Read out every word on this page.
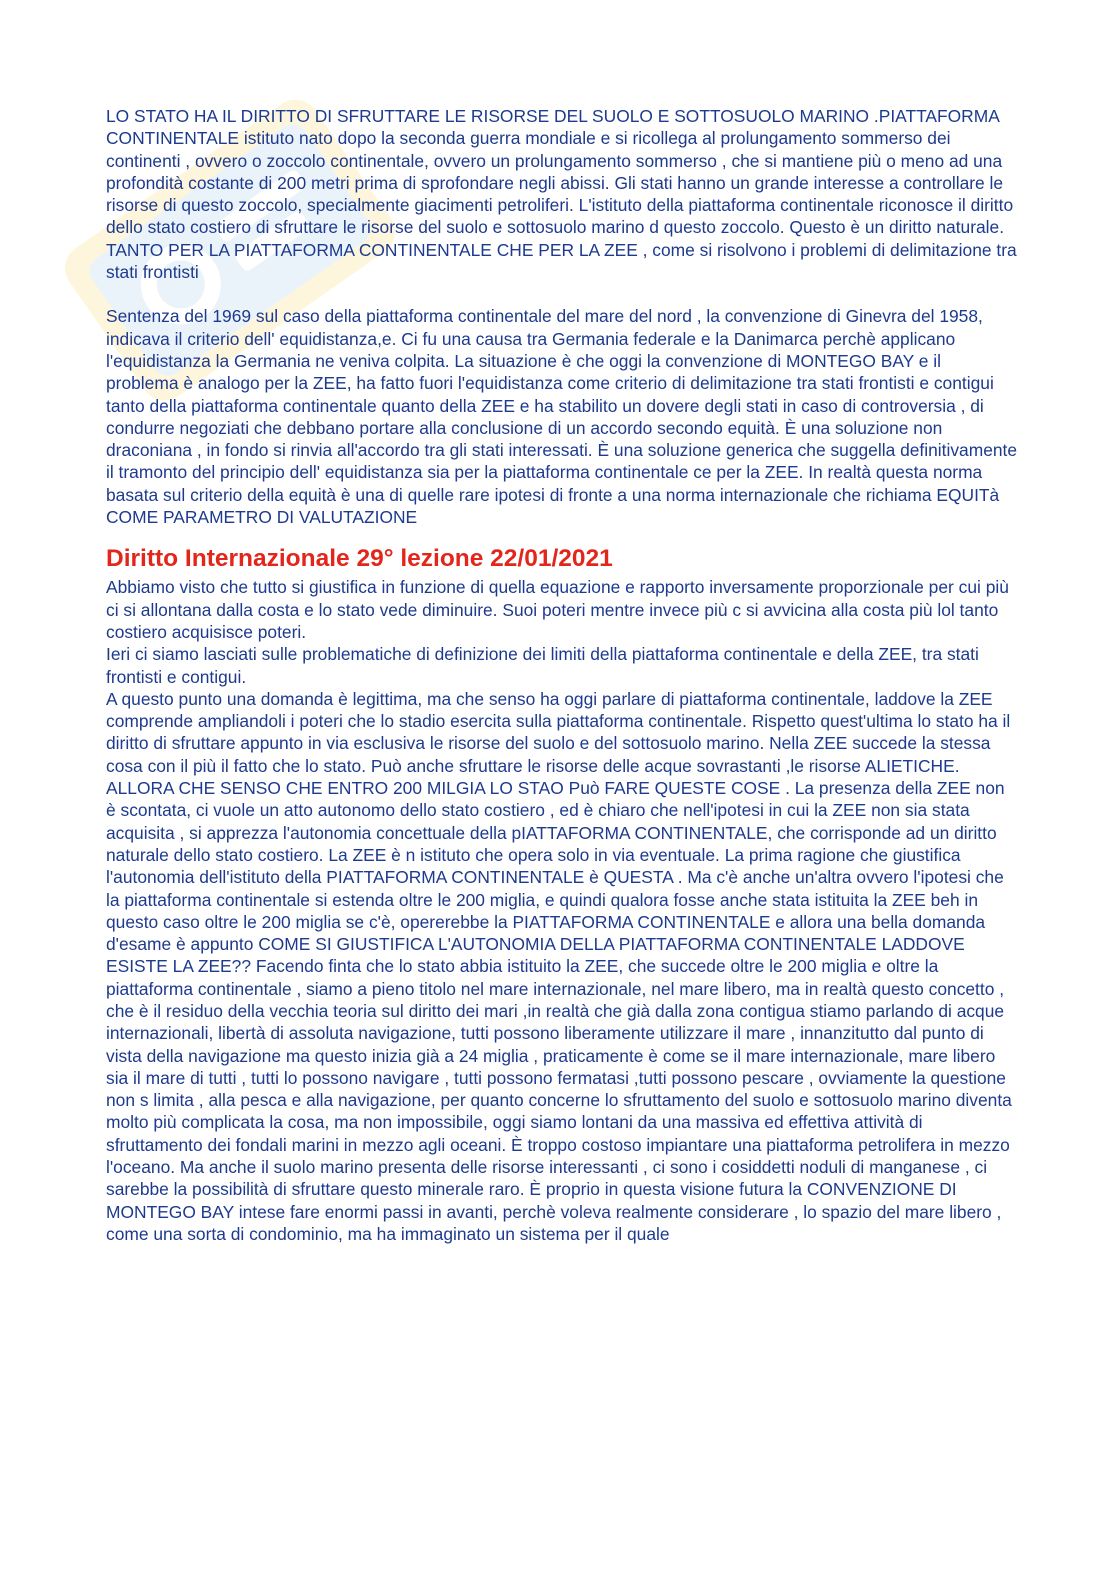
LO STATO HA IL DIRITTO DI SFRUTTARE LE RISORSE DEL SUOLO E SOTTOSUOLO MARINO .PIATTAFORMA CONTINENTALE istituto nato dopo la seconda guerra mondiale e si ricollega al prolungamento sommerso dei continenti , ovvero o zoccolo continentale, ovvero un prolungamento sommerso , che si mantiene più o meno ad una profondità costante di 200 metri prima di sprofondare negli abissi. Gli stati hanno un grande interesse a controllare le risorse di questo zoccolo, specialmente giacimenti petroliferi. L'istituto della piattaforma continentale riconosce il diritto dello stato costiero di sfruttare le risorse del suolo e sottosuolo marino d questo zoccolo. Questo è un diritto naturale.

TANTO PER LA PIATTAFORMA CONTINENTALE CHE PER LA ZEE , come si risolvono i problemi di delimitazione tra stati frontisti

Sentenza del 1969 sul caso della piattaforma continentale del mare del nord , la convenzione di Ginevra del 1958, indicava il criterio dell' equidistanza,e. Ci fu una causa tra Germania federale e la Danimarca perchè applicano l'equidistanza la Germania ne veniva colpita. La situazione è che oggi la convenzione di MONTEGO BAY e il problema è analogo per la ZEE, ha fatto fuori l'equidistanza come criterio di delimitazione tra stati frontisti e contigui tanto della piattaforma continentale quanto della ZEE e ha stabilito un dovere degli stati in caso di controversia , di condurre negoziati che debbano portare alla conclusione di un accordo secondo equità. È una soluzione non draconiana , in fondo si rinvia all'accordo tra gli stati interessati. È una soluzione generica che suggella definitivamente il tramonto del principio dell' equidistanza sia per la piattaforma continentale ce per la ZEE. In realtà questa norma basata sul criterio della equità è una di quelle rare ipotesi di fronte a una norma internazionale che richiama EQUITà COME PARAMETRO DI VALUTAZIONE

Diritto Internazionale 29° lezione 22/01/2021

Abbiamo visto che tutto si giustifica in funzione di quella equazione e rapporto inversamente proporzionale per cui più ci si allontana dalla costa e lo stato vede diminuire. Suoi poteri mentre invece più c si avvicina alla costa più lol tanto costiero acquisisce poteri.

Ieri ci siamo lasciati sulle problematiche di definizione dei limiti della piattaforma continentale e della ZEE, tra stati frontisti e contigui.

A questo punto una domanda è legittima, ma che senso ha oggi parlare di piattaforma continentale, laddove la ZEE comprende ampliandoli i poteri che lo stadio esercita sulla piattaforma continentale. Rispetto quest'ultima lo stato ha il diritto di sfruttare appunto in via esclusiva le risorse del suolo e del sottosuolo marino. Nella ZEE succede la stessa cosa con il più il fatto che lo stato. Può anche sfruttare le risorse delle acque sovrastanti ,le risorse ALIETICHE. ALLORA CHE SENSO CHE ENTRO 200 MILGIA LO STAO Può FARE QUESTE COSE . La presenza della ZEE non è scontata, ci vuole un atto autonomo dello stato costiero , ed è chiaro che nell'ipotesi in cui la ZEE non sia stata acquisita , si apprezza l'autonomia concettuale della pIATTAFORMA CONTINENTALE, che corrisponde ad un diritto naturale dello stato costiero. La ZEE è n istituto che opera solo in via eventuale. La prima ragione che giustifica l'autonomia dell'istituto della PIATTAFORMA CONTINENTALE è QUESTA . Ma c'è anche un'altra ovvero l'ipotesi che la piattaforma continentale si estenda oltre le 200 miglia, e quindi qualora fosse anche stata istituita la ZEE beh in questo caso oltre le 200 miglia se c'è, opererebbe la PIATTAFORMA CONTINENTALE e allora una bella domanda d'esame è appunto COME SI GIUSTIFICA L'AUTONOMIA DELLA PIATTAFORMA CONTINENTALE LADDOVE ESISTE LA ZEE?? Facendo finta che lo stato abbia istituito la ZEE, che succede oltre le 200 miglia e oltre la piattaforma continentale , siamo a pieno titolo nel mare internazionale, nel mare libero, ma in realtà questo concetto , che è il residuo della vecchia teoria sul diritto dei mari ,in realtà che già dalla zona contigua stiamo parlando di acque internazionali, libertà di assoluta navigazione, tutti possono liberamente utilizzare il mare , innanzitutto dal punto di vista della navigazione ma questo inizia già a 24 miglia , praticamente è come se il mare internazionale, mare libero sia il mare di tutti , tutti lo possono navigare , tutti possono fermatasi ,tutti possono pescare , ovviamente la questione non s limita , alla pesca e alla navigazione, per quanto concerne lo sfruttamento del suolo e sottosuolo marino diventa molto più complicata la cosa, ma non impossibile, oggi siamo lontani da una massiva ed effettiva attività di sfruttamento dei fondali marini in mezzo agli oceani. È troppo costoso impiantare una piattaforma petrolifera in mezzo l'oceano. Ma anche il suolo marino presenta delle risorse interessanti , ci sono i cosiddetti noduli di manganese , ci sarebbe la possibilità di sfruttare questo minerale raro. È proprio in questa visione futura la CONVENZIONE DI MONTEGO BAY intese fare enormi passi in avanti, perchè voleva realmente considerare , lo spazio del mare libero , come una sorta di condominio, ma ha immaginato un sistema per il quale
